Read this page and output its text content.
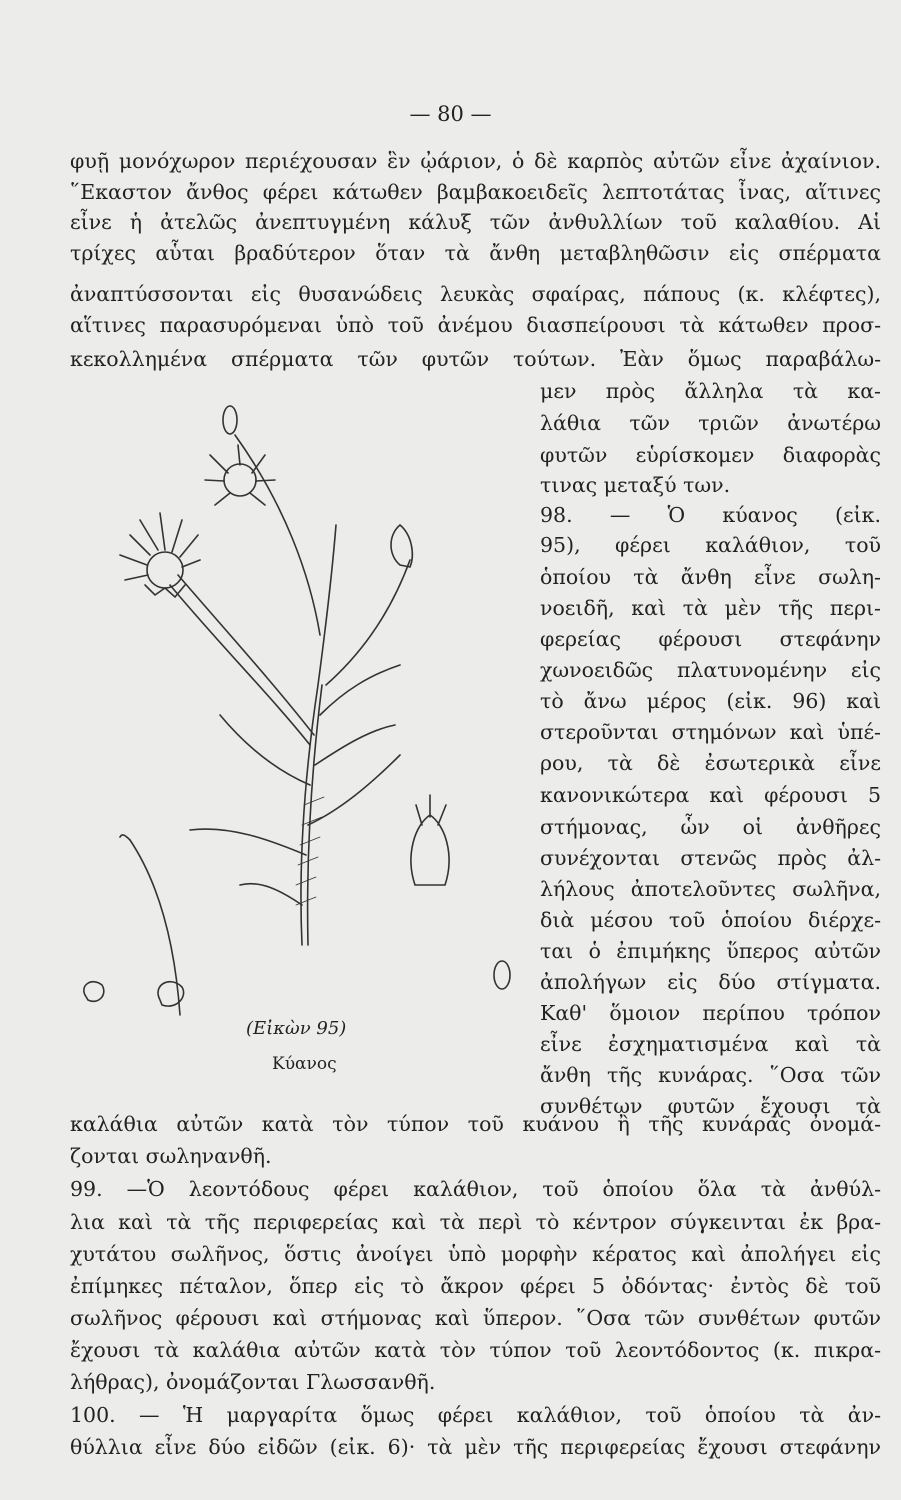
— 80 —
φυῇ μονόχωρον περιέχουσαν ἓν ᾠάριον, ὁ δὲ καρπὸς αὐτῶν εἶνε ἀχαίνιον.
῞Εκαστον ἄνθος φέρει κάτωθεν βαμβακοειδεῖς λεπτοτάτας ἶνας, αἵτινες
εἶνε ἡ ἀτελῶς ἀνεπτυγμένη κάλυξ τῶν ἀνθυλλίων τοῦ καλαθίου. Αἱ
τρίχες αὗται βραδύτερον ὅταν τὰ ἄνθη μεταβληθῶσιν εἰς σπέρματα
ἀναπτύσσονται εἰς θυσανώδεις λευκὰς σφαίρας, πάπους (κ. κλέφτες),
αἵτινες παρασυρόμεναι ὑπὸ τοῦ ἀνέμου διασπείρουσι τὰ κάτωθεν προσ-
κεκολλημένα σπέρματα τῶν φυτῶν τούτων. Ἐὰν ὅμως παραβάλω-
μεν πρὸς ἄλληλα τὰ κα-
λάθια τῶν τριῶν ἀνωτέρω
φυτῶν εὑρίσκομεν διαφορὰς
τινας μεταξύ των.
98. — Ὁ κύανος (εἰκ.
95), φέρει καλάθιον, τοῦ
ὁποίου τὰ ἄνθη εἶνε σωλη-
νοειδῆ, καὶ τὰ μὲν τῆς περι-
φερείας φέρουσι στεφάνην
χωνοειδῶς πλατυνομένην εἰς
τὸ ἄνω μέρος (εἰκ. 96) καὶ
στεροῦνται στημόνων καὶ ὑπέ-
ρου, τὰ δὲ ἐσωτερικὰ εἶνε
κανονικώτερα καὶ φέρουσι 5
στήμονας, ὧν οἱ ἀνθῆρες
συνέχονται στενῶς πρὸς ἀλ-
λήλους ἀποτελοῦντες σωλῆνα,
διὰ μέσου τοῦ ὁποίου διέρχε-
ται ὁ ἐπιμήκης ὕπερος αὐτῶν
ἀπολήγων εἰς δύο στίγματα.
Καθ' ὅμοιον περίπου τρόπον
εἶνε ἐσχηματισμένα καὶ τὰ
ἄνθη τῆς κυνάρας. ῞Οσα τῶν
συνθέτων φυτῶν ἔχουσι τὰ
(Εἰκὼν 95)
Κύανος
καλάθια αὐτῶν κατὰ τὸν τύπον τοῦ κυάνου ἢ τῆς κυνάρας ὀνομά-
ζονται σωληνανθῆ.
99. —Ὁ λεοντόδους φέρει καλάθιον, τοῦ ὁποίου ὅλα τὰ ἀνθύλ-
λια καὶ τὰ τῆς περιφερείας καὶ τὰ περὶ τὸ κέντρον σύγκεινται ἐκ βρα-
χυτάτου σωλῆνος, ὅστις ἀνοίγει ὑπὸ μορφὴν κέρατος καὶ ἀπολήγει εἰς
ἐπίμηκες πέταλον, ὅπερ εἰς τὸ ἄκρον φέρει 5 ὀδόντας· ἐντὸς δὲ τοῦ
σωλῆνος φέρουσι καὶ στήμονας καὶ ὕπερον. ῞Οσα τῶν συνθέτων φυτῶν
ἔχουσι τὰ καλάθια αὐτῶν κατὰ τὸν τύπον τοῦ λεοντόδοντος (κ. πικρα-
λήθρας), ὀνομάζονται Γλωσσανθῆ.
100. — Ἡ μαργαρίτα ὅμως φέρει καλάθιον, τοῦ ὁποίου τὰ ἀν-
θύλλια εἶνε δύο εἰδῶν (εἰκ. 6)· τὰ μὲν τῆς περιφερείας ἔχουσι στεφάνην
